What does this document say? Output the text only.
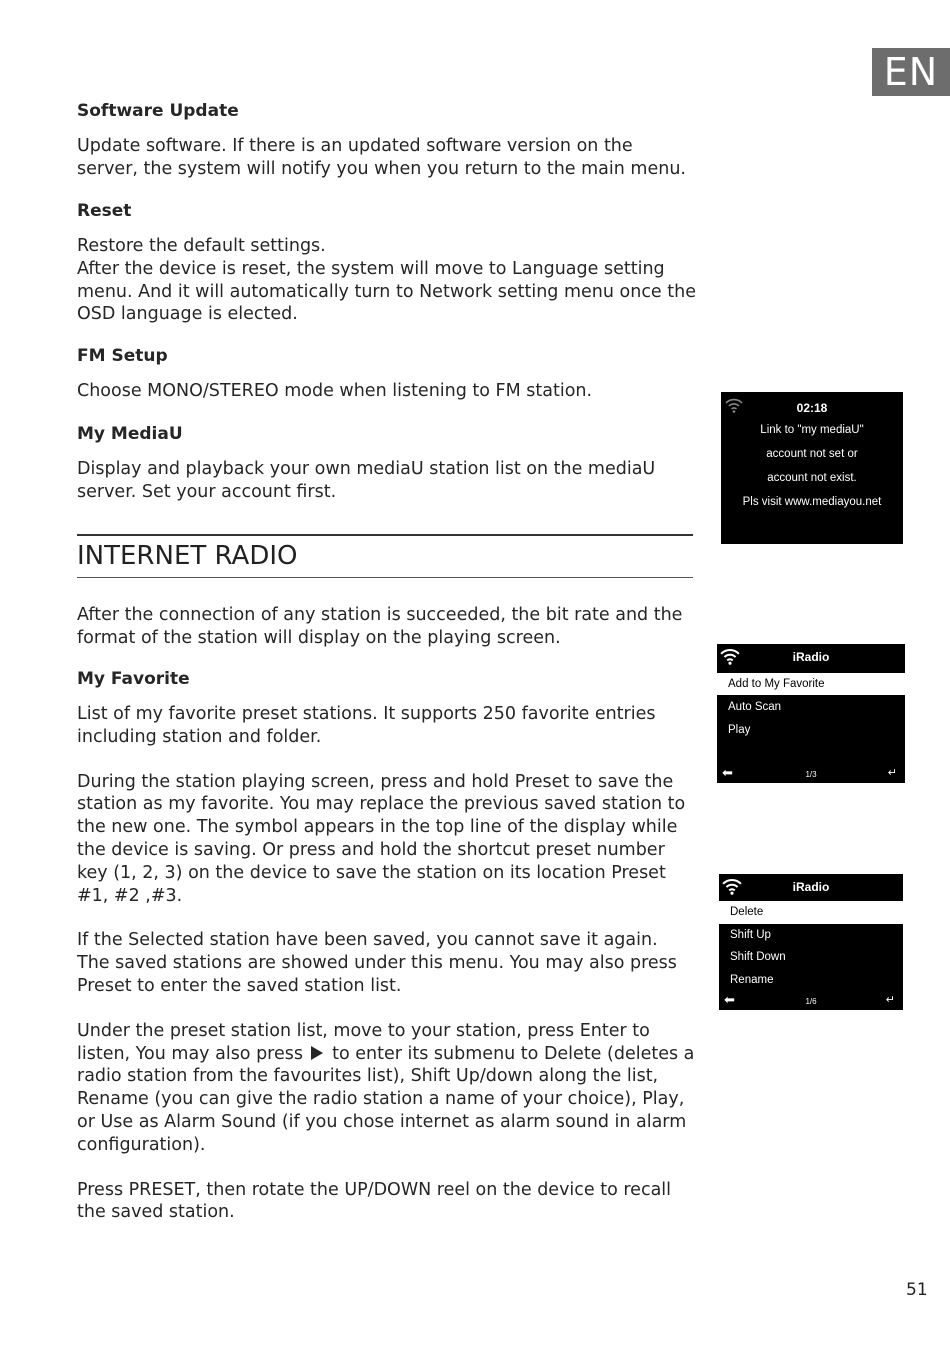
EN

Software Update

Update software. If there is an updated software version on the server, the system will notify you when you return to the main menu.

Reset

Restore the default settings.
After the device is reset, the system will move to Language setting menu. And it will automatically turn to Network setting menu once the OSD language is elected.

FM Setup

Choose MONO/STEREO mode when listening to FM station.

My MediaU

Display and playback your own mediaU station list on the mediaU server. Set your account first.

INTERNET RADIO

After the connection of any station is succeeded, the bit rate and the format of the station will display on the playing screen.

My Favorite

List of my favorite preset stations. It supports 250 favorite entries including station and folder.

During the station playing screen, press and hold Preset to save the station as my favorite. You may replace the previous saved station to the new one. The symbol appears in the top line of the display while the device is saving. Or press and hold the shortcut preset number key (1, 2, 3) on the device to save the station on its location Preset #1, #2 ,#3.

If the Selected station have been saved, you cannot save it again.
The saved stations are showed under this menu. You may also press Preset to enter the saved station list.

Under the preset station list, move to your station, press Enter to listen, You may also press to enter its submenu to Delete (deletes a radio station from the favourites list), Shift Up/down along the list, Rename (you can give the radio station a name of your choice), Play, or Use as Alarm Sound (if you chose internet as alarm sound in alarm configuration).

Press PRESET, then rotate the UP/DOWN reel on the device to recall the saved station.

02:18
Link to "my mediaU"
account not set or
account not exist.
Pls visit www.mediayou.net
iRadio
Add to My Favorite
Auto Scan
Play
⬅	1/3	↵
iRadio
Delete
Shift Up
Shift Down
Rename
⬅	1/6	↵
51
